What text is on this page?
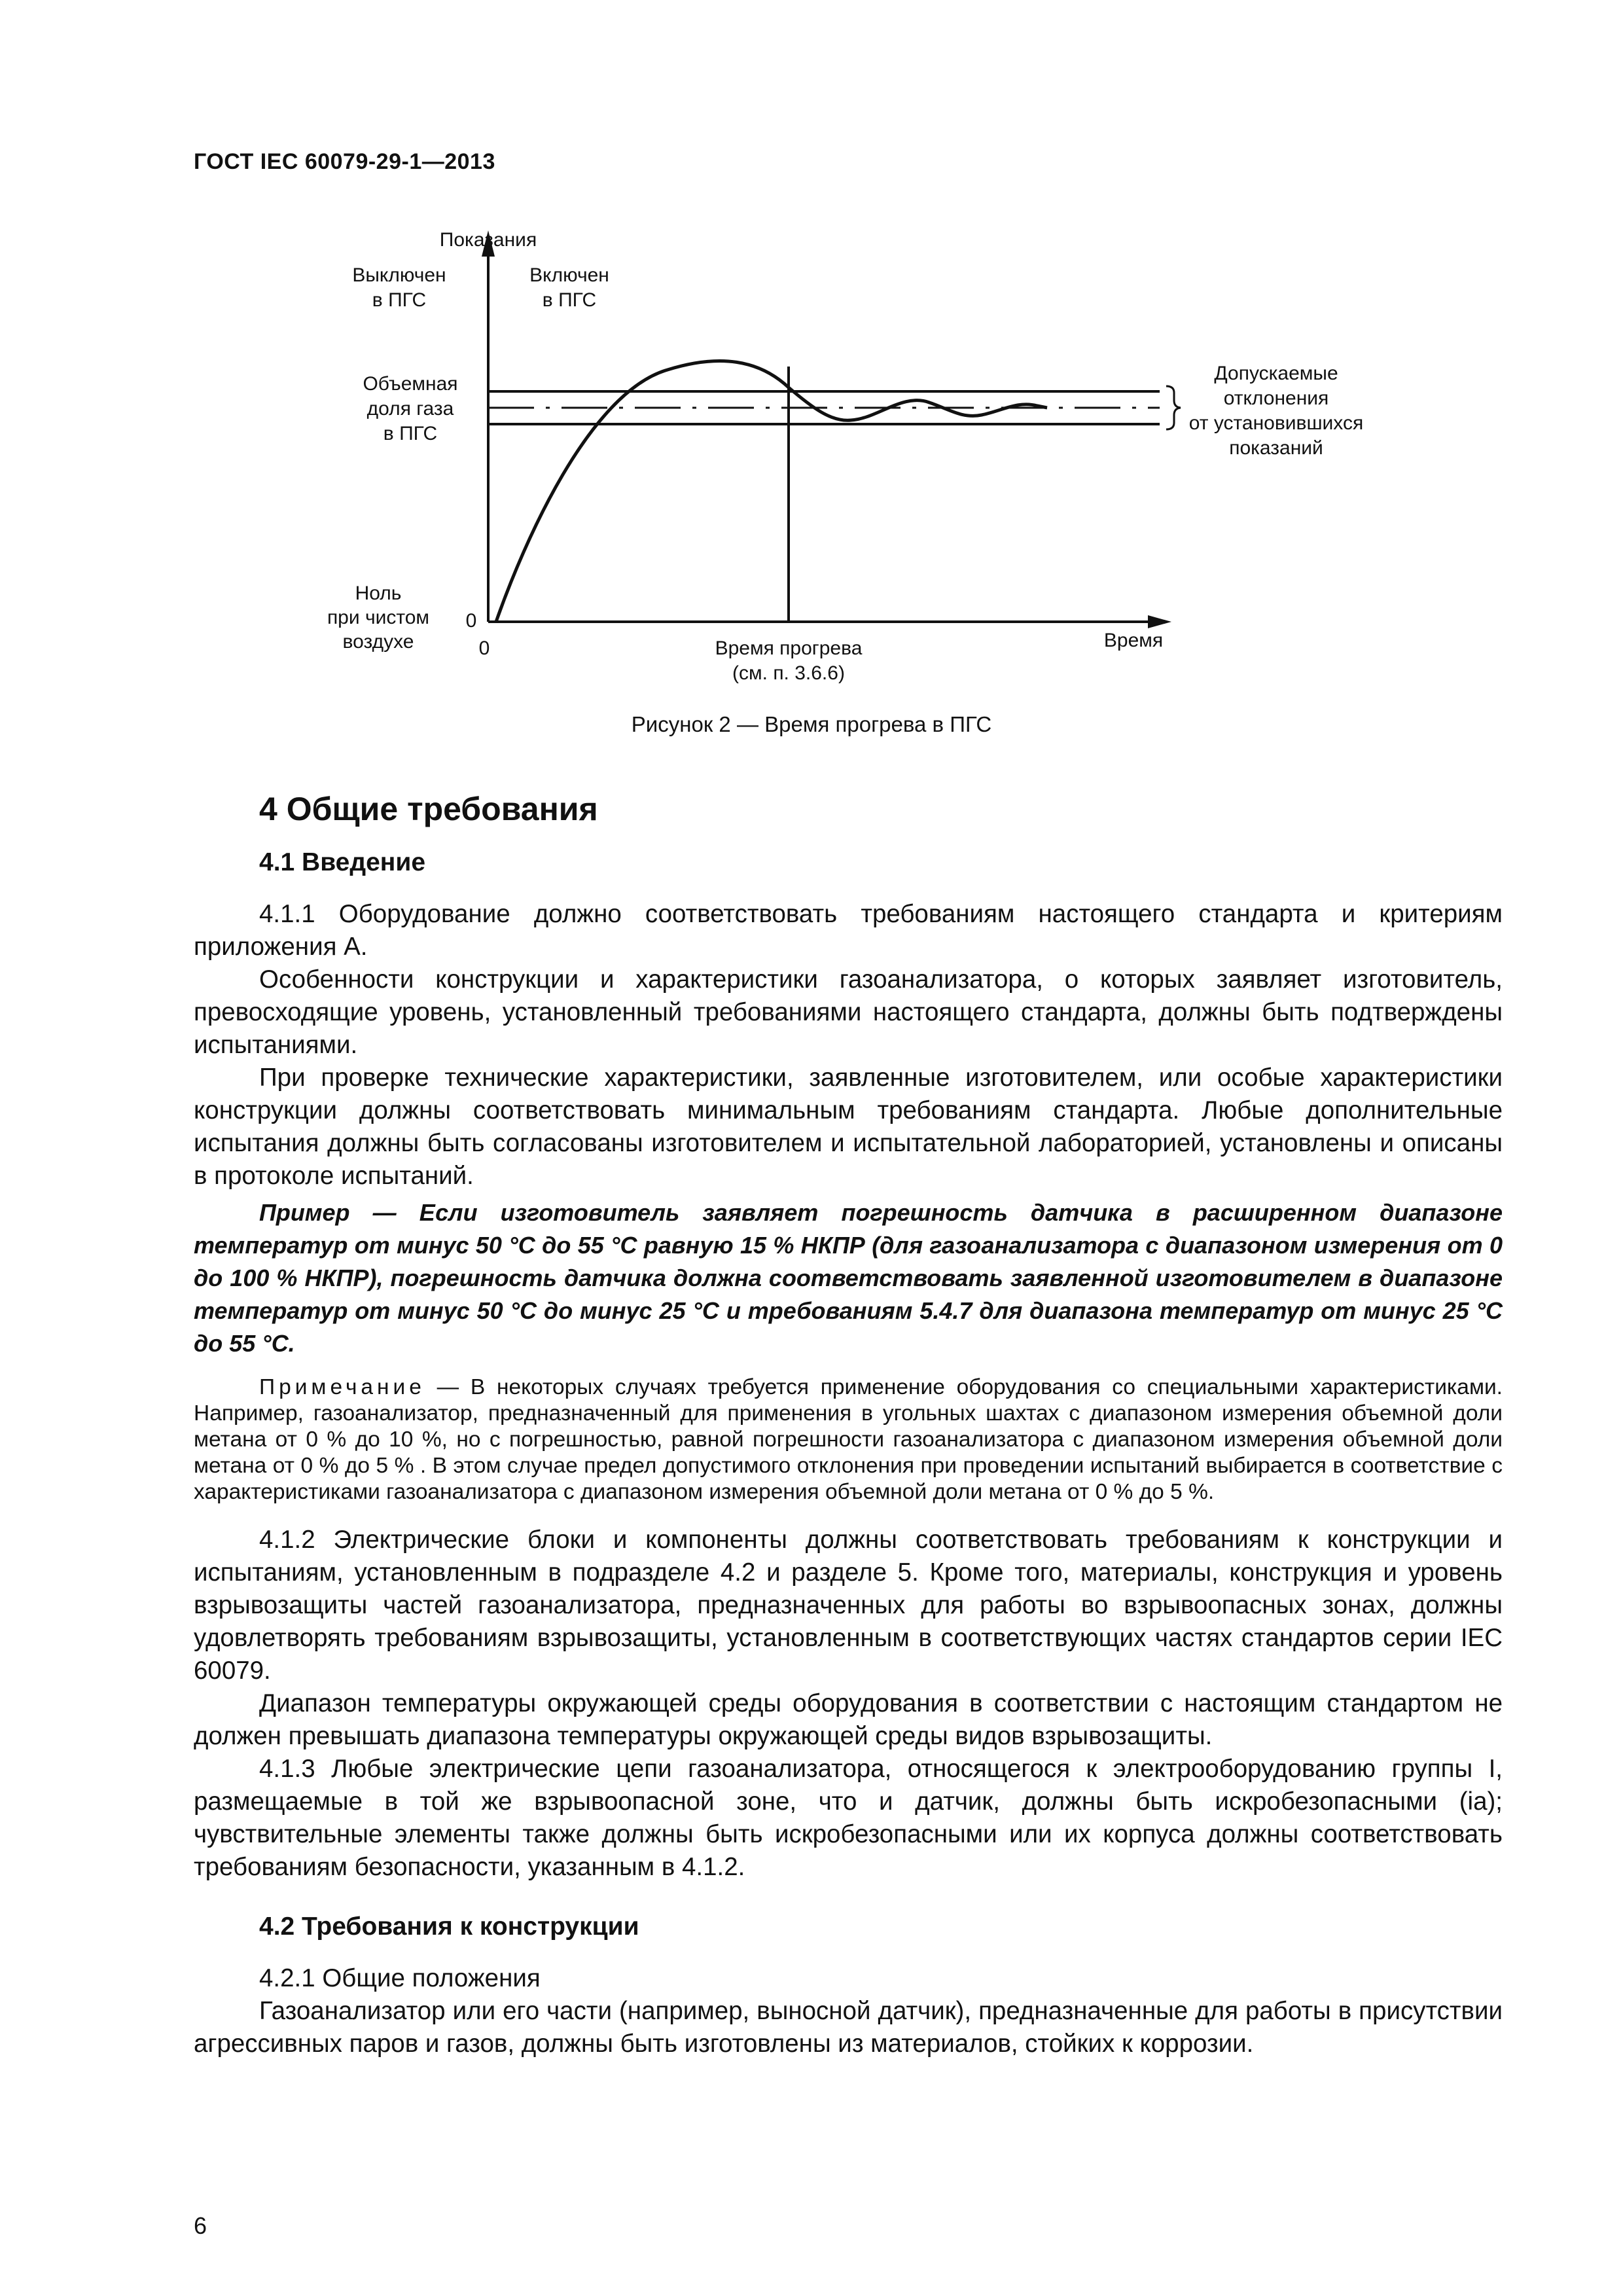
ГОСТ IEC 60079-29-1—2013
Показания
Выключен
в ПГС
Включен
в ПГС
Объемная
доля газа
в ПГС
Ноль
при чистом
воздухе
0
0	Время прогрева
(см. п. 3.6.6)
Время
Допускаемые
отклонения
от установившихся
показаний
Рисунок 2 — Время прогрева в ПГС
4 Общие требования
4.1 Введение

4.1.1 Оборудование должно соответствовать требованиям настоящего стандарта и критериям приложения А.

Особенности конструкции и характеристики газоанализатора, о которых заявляет изготовитель, превосходящие уровень, установленный требованиями настоящего стандарта, должны быть подтверждены испытаниями.

При проверке технические характеристики, заявленные изготовителем, или особые характеристики конструкции должны соответствовать минимальным требованиям стандарта. Любые дополнительные испытания должны быть согласованы изготовителем и испытательной лабораторией, установлены и описаны в протоколе испытаний.

Пример — Если изготовитель заявляет погрешность датчика в расширенном диапазоне температур от минус 50 °С до 55 °С равную 15 % НКПР (для газоанализатора с диапазоном измерения от 0 до 100 % НКПР), погрешность датчика должна соответствовать заявленной изготовителем в диапазоне температур от минус 50 °С до минус 25 °С и требованиям 5.4.7 для диапазона температур от минус 25 °С до 55 °С.

Примечание — В некоторых случаях требуется применение оборудования со специальными характеристиками. Например, газоанализатор, предназначенный для применения в угольных шахтах с диапазоном измерения объемной доли метана от 0 % до 10 %, но с погрешностью, равной погрешности газоанализатора с диапазоном измерения объемной доли метана от 0 % до 5 % . В этом случае предел допустимого отклонения при проведении испытаний выбирается в соответствие с характеристиками газоанализатора с диапазоном измерения объемной доли метана от 0 % до 5 %.

4.1.2 Электрические блоки и компоненты должны соответствовать требованиям к конструкции и испытаниям, установленным в подразделе 4.2 и разделе 5. Кроме того, материалы, конструкция и уровень взрывозащиты частей газоанализатора, предназначенных для работы во взрывоопасных зонах, должны удовлетворять требованиям взрывозащиты, установленным в соответствующих частях стандартов серии IEC 60079.

Диапазон температуры окружающей среды оборудования в соответствии с настоящим стандартом не должен превышать диапазона температуры окружающей среды видов взрывозащиты.

4.1.3 Любые электрические цепи газоанализатора, относящегося к электрооборудованию группы I, размещаемые в той же взрывоопасной зоне, что и датчик, должны быть искробезопасными (ia); чувствительные элементы также должны быть искробезопасными или их корпуса должны соответствовать требованиям безопасности, указанным в 4.1.2.

4.2 Требования к конструкции

4.2.1 Общие положения

Газоанализатор или его части (например, выносной датчик), предназначенные для работы в присутствии агрессивных паров и газов, должны быть изготовлены из материалов, стойких к коррозии.

6
